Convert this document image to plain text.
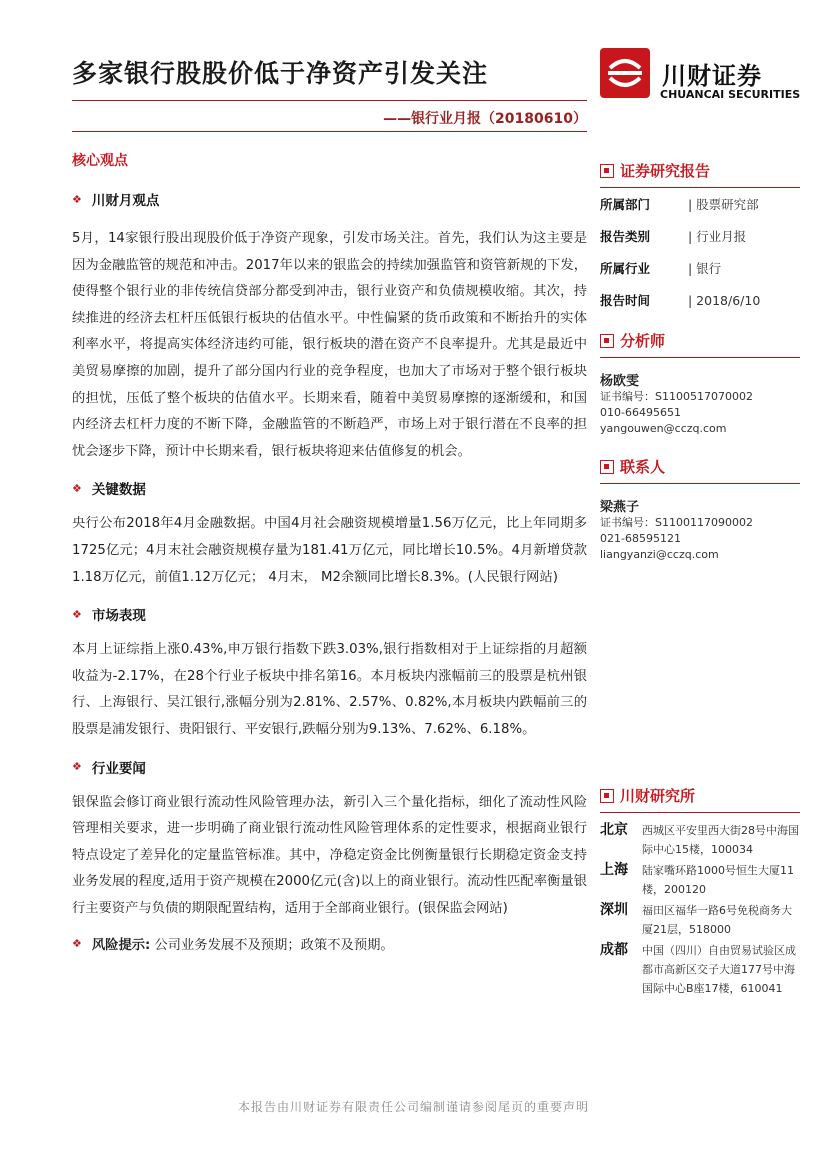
多家银行股股价低于净资产引发关注
——银行业月报（20180610）
川财证券
CHUANCAI SECURITIES
核心观点
❖ 川财月观点

5月，14家银行股出现股价低于净资产现象，引发市场关注。首先，我们认为这主要是因为金融监管的规范和冲击。2017年以来的银监会的持续加强监管和资管新规的下发，使得整个银行业的非传统信贷部分都受到冲击，银行业资产和负债规模收缩。其次，持续推进的经济去杠杆压低银行板块的估值水平。中性偏紧的货币政策和不断抬升的实体利率水平，将提高实体经济违约可能，银行板块的潜在资产不良率提升。尤其是最近中美贸易摩擦的加剧，提升了部分国内行业的竞争程度，也加大了市场对于整个银行板块的担忧，压低了整个板块的估值水平。长期来看，随着中美贸易摩擦的逐渐缓和，和国内经济去杠杆力度的不断下降，金融监管的不断趋严，市场上对于银行潜在不良率的担忧会逐步下降，预计中长期来看，银行板块将迎来估值修复的机会。

❖ 关键数据

央行公布2018年4月金融数据。中国4月社会融资规模增量1.56万亿元，比上年同期多1725亿元；4月末社会融资规模存量为181.41万亿元，同比增长10.5%。4月新增贷款1.18万亿元，前值1.12万亿元； 4月末， M2余额同比增长8.3%。(人民银行网站)

❖ 市场表现

本月上证综指上涨0.43%,申万银行指数下跌3.03%,银行指数相对于上证综指的月超额收益为-2.17%，在28个行业子板块中排名第16。本月板块内涨幅前三的股票是杭州银行、上海银行、吴江银行,涨幅分别为2.81%、2.57%、0.82%,本月板块内跌幅前三的股票是浦发银行、贵阳银行、平安银行,跌幅分别为9.13%、7.62%、6.18%。

❖ 行业要闻

银保监会修订商业银行流动性风险管理办法，新引入三个量化指标，细化了流动性风险管理相关要求，进一步明确了商业银行流动性风险管理体系的定性要求，根据商业银行特点设定了差异化的定量监管标准。其中，净稳定资金比例衡量银行长期稳定资金支持业务发展的程度,适用于资产规模在2000亿元(含)以上的商业银行。流动性匹配率衡量银行主要资产与负债的期限配置结构，适用于全部商业银行。(银保监会网站)

❖ 风险提示: 公司业务发展不及预期；政策不及预期。
证券研究报告
所属部门	| 股票研究部
报告类别	| 行业月报
所属行业	| 银行
报告时间	| 2018/6/10
分析师
杨欧雯
证书编号：S1100517070002
010-66495651
yangouwen@cczq.com
联系人
梁燕子
证书编号：S1100117090002
021-68595121
liangyanzi@cczq.com
川财研究所
北京	西城区平安里西大街28号中海国际中心15楼，100034
上海	陆家嘴环路1000号恒生大厦11楼，200120
深圳	福田区福华一路6号免税商务大厦21层，518000
成都	中国（四川）自由贸易试验区成都市高新区交子大道177号中海国际中心B座17楼，610041
本报告由川财证券有限责任公司编制谨请参阅尾页的重要声明
